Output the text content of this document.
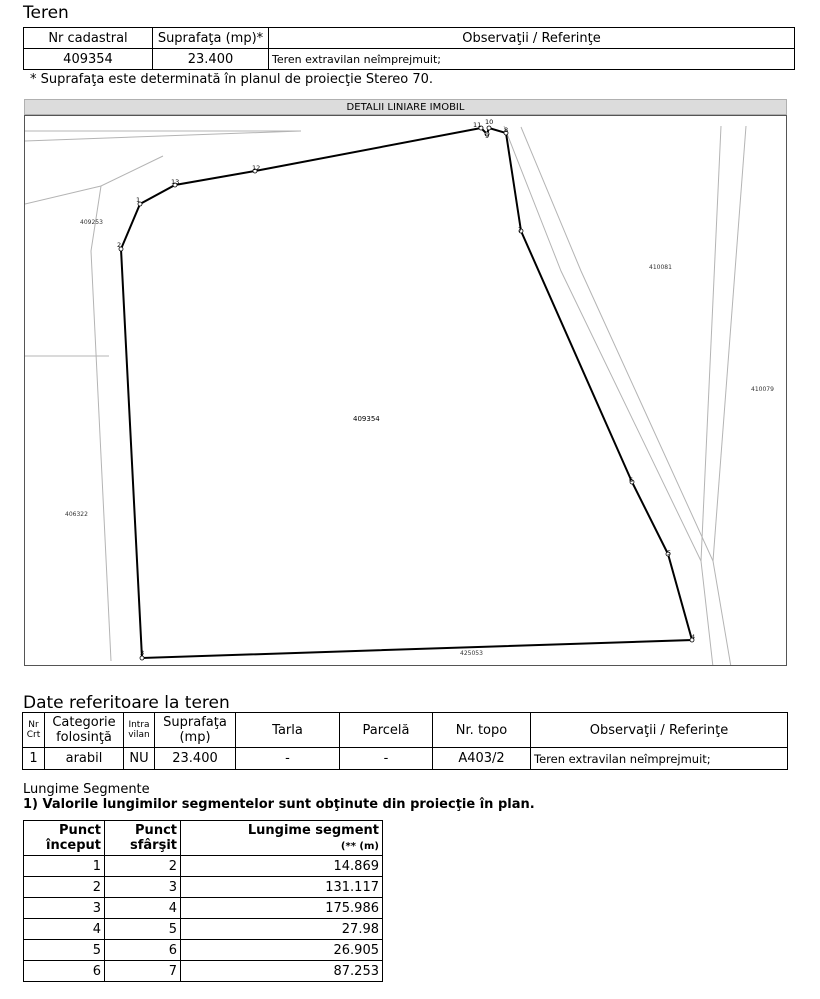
Teren
Nr cadastral	Suprafaţa (mp)*	Observaţii / Referinţe
409354	23.400	Teren extravilan neîmprejmuit;
* Suprafaţa este determinată în planul de proiecţie Stereo 70.
DETALII LINIARE IMOBIL
1
2
3
4
5
6
7
8
9
10
11
12
13
409354
409253
410081
410079
406322
425053
Date referitoare la teren
Nr Crt	Categorie folosinţă	Intra vilan	Suprafaţa (mp)	Tarla	Parcelă	Nr. topo	Observaţii / Referinţe
1	arabil	NU	23.400	-	-	A403/2	Teren extravilan neîmprejmuit;
Lungime Segmente
1) Valorile lungimilor segmentelor sunt obţinute din proiecţie în plan.
Punct început	Punct sfârşit	Lungime segment
(** (m)
1	2	14.869
2	3	131.117
3	4	175.986
4	5	27.98
5	6	26.905
6	7	87.253
